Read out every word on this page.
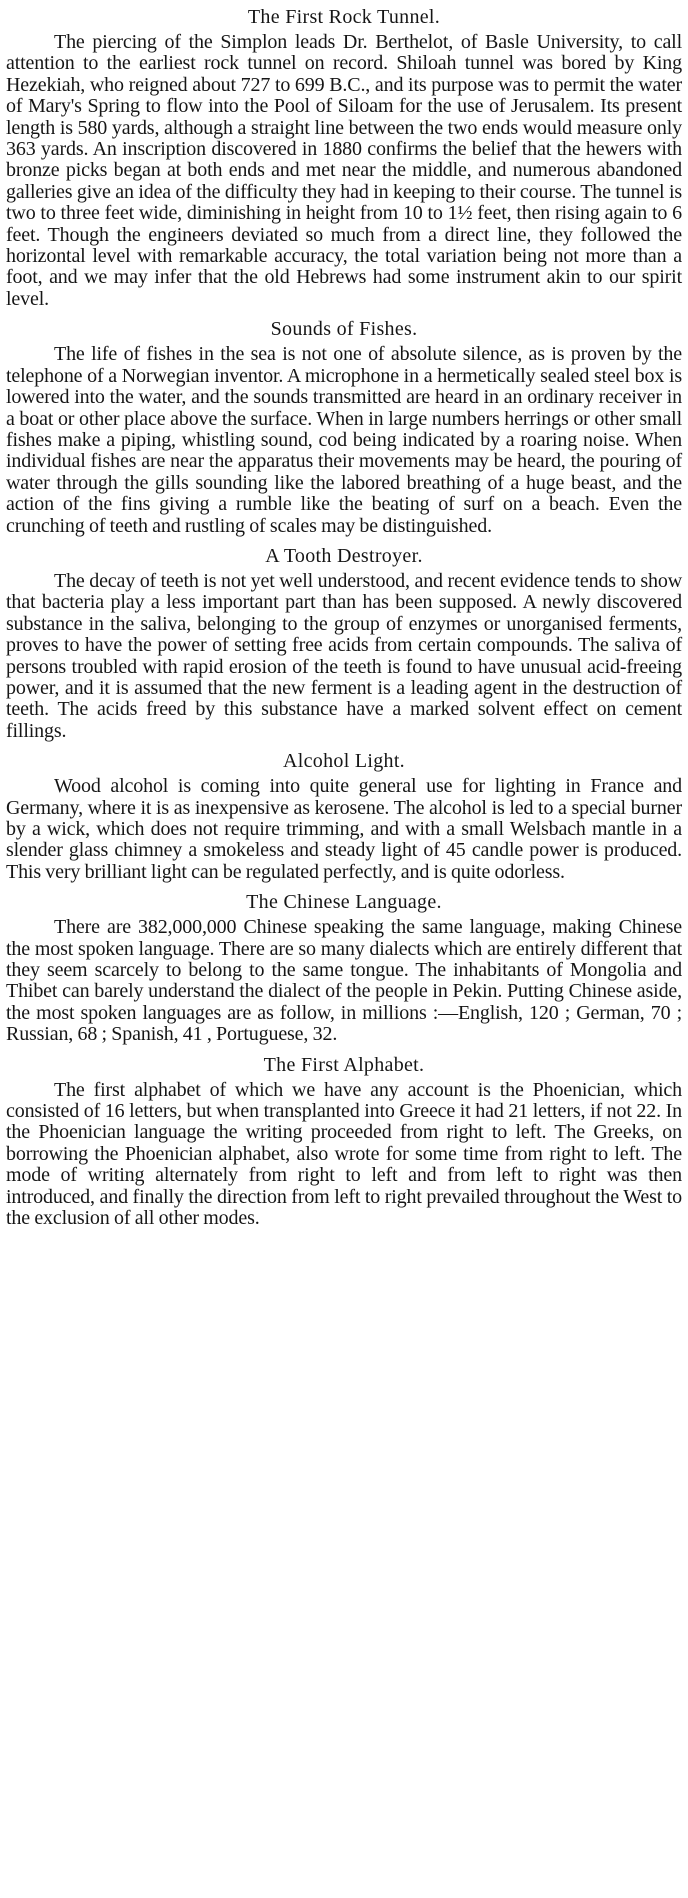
The First Rock Tunnel.

The piercing of the Simplon leads Dr. Berthelot, of Basle University, to call attention to the earliest rock tunnel on record. Shiloah tunnel was bored by King Hezekiah, who reigned about 727 to 699 B.C., and its purpose was to permit the water of Mary's Spring to flow into the Pool of Siloam for the use of Jerusalem. Its present length is 580 yards, although a straight line between the two ends would measure only 363 yards. An inscription discovered in 1880 confirms the belief that the hewers with bronze picks began at both ends and met near the middle, and numerous abandoned galleries give an idea of the difficulty they had in keeping to their course. The tunnel is two to three feet wide, diminishing in height from 10 to 1½ feet, then rising again to 6 feet. Though the engineers deviated so much from a direct line, they followed the horizontal level with remarkable accuracy, the total variation being not more than a foot, and we may infer that the old Hebrews had some instrument akin to our spirit level.

Sounds of Fishes.

The life of fishes in the sea is not one of absolute silence, as is proven by the telephone of a Norwegian inventor. A microphone in a hermetically sealed steel box is lowered into the water, and the sounds transmitted are heard in an ordinary receiver in a boat or other place above the surface. When in large numbers herrings or other small fishes make a piping, whistling sound, cod being indicated by a roaring noise. When individual fishes are near the apparatus their movements may be heard, the pouring of water through the gills sounding like the labored breathing of a huge beast, and the action of the fins giving a rumble like the beating of surf on a beach. Even the crunching of teeth and rustling of scales may be distinguished.

A Tooth Destroyer.

The decay of teeth is not yet well understood, and recent evidence tends to show that bacteria play a less important part than has been supposed. A newly discovered substance in the saliva, belonging to the group of enzymes or unorganised ferments, proves to have the power of setting free acids from certain compounds. The saliva of persons troubled with rapid erosion of the teeth is found to have unusual acid-freeing power, and it is assumed that the new ferment is a leading agent in the destruction of teeth. The acids freed by this substance have a marked solvent effect on cement fillings.

Alcohol Light.

Wood alcohol is coming into quite general use for lighting in France and Germany, where it is as inexpensive as kerosene. The alcohol is led to a special burner by a wick, which does not require trimming, and with a small Welsbach mantle in a slender glass chimney a smokeless and steady light of 45 candle power is produced. This very brilliant light can be regulated perfectly, and is quite odorless.

The Chinese Language.

There are 382,000,000 Chinese speaking the same language, making Chinese the most spoken language. There are so many dialects which are entirely different that they seem scarcely to belong to the same tongue. The inhabitants of Mongolia and Thibet can barely understand the dialect of the people in Pekin. Putting Chinese aside, the most spoken languages are as follow, in millions :—English, 120 ; German, 70 ; Russian, 68 ; Spanish, 41 , Portuguese, 32.

The First Alphabet.

The first alphabet of which we have any account is the Phoenician, which consisted of 16 letters, but when transplanted into Greece it had 21 letters, if not 22. In the Phoenician language the writing proceeded from right to left. The Greeks, on borrowing the Phoenician alphabet, also wrote for some time from right to left. The mode of writing alternately from right to left and from left to right was then introduced, and finally the direction from left to right prevailed throughout the West to the exclusion of all other modes.
